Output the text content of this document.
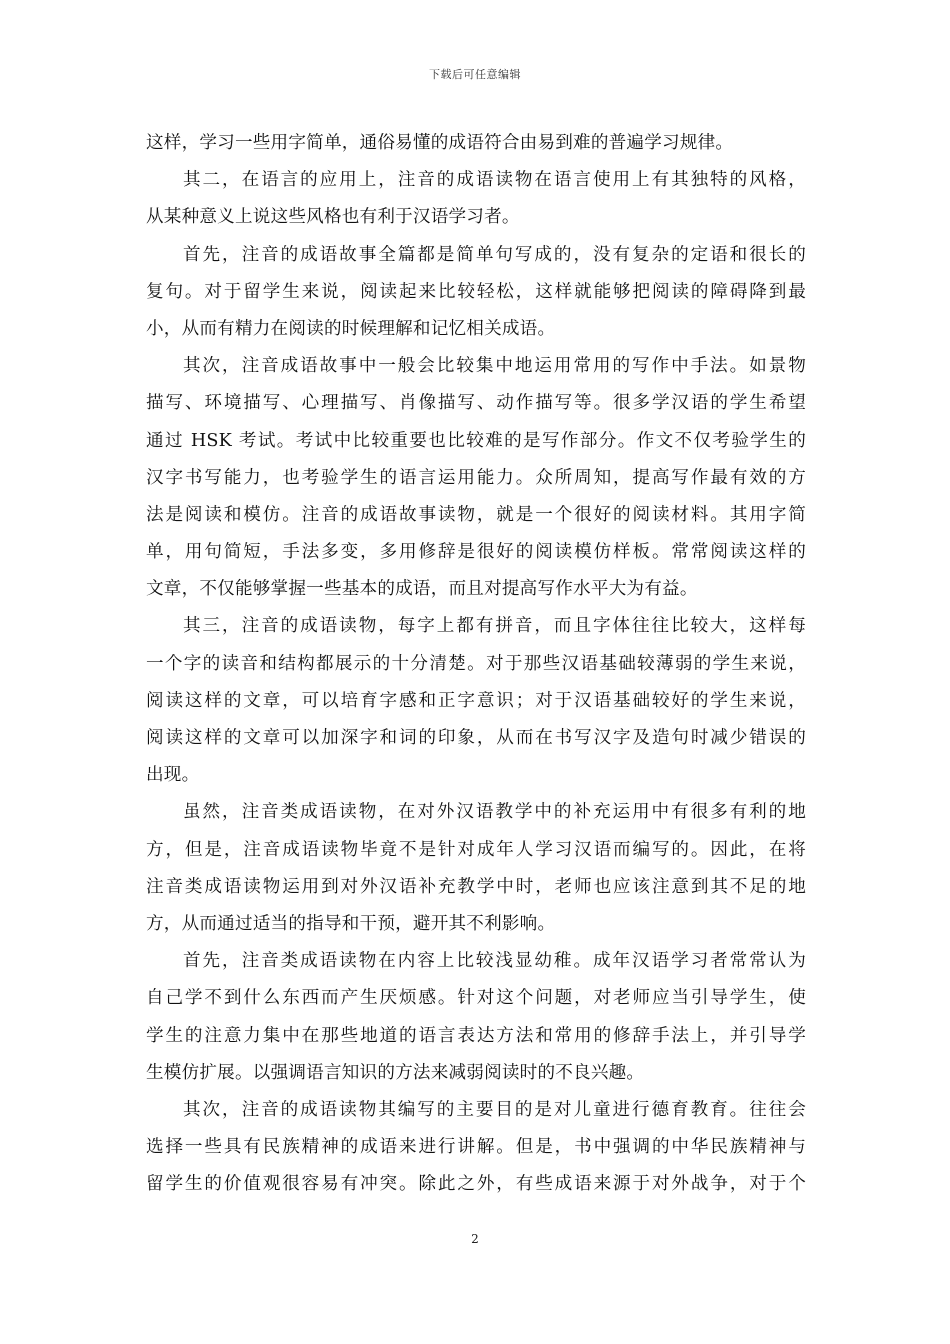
下载后可任意编辑
这样，学习一些用字简单，通俗易懂的成语符合由易到难的普遍学习规律。
其二，在语言的应用上，注音的成语读物在语言使用上有其独特的风格，
从某种意义上说这些风格也有利于汉语学习者。
首先，注音的成语故事全篇都是简单句写成的，没有复杂的定语和很长的
复句。对于留学生来说，阅读起来比较轻松，这样就能够把阅读的障碍降到最
小，从而有精力在阅读的时候理解和记忆相关成语。
其次，注音成语故事中一般会比较集中地运用常用的写作中手法。如景物
描写、环境描写、心理描写、肖像描写、动作描写等。很多学汉语的学生希望
通过 HSK 考试。考试中比较重要也比较难的是写作部分。作文不仅考验学生的
汉字书写能力，也考验学生的语言运用能力。众所周知，提高写作最有效的方
法是阅读和模仿。注音的成语故事读物，就是一个很好的阅读材料。其用字简
单，用句简短，手法多变，多用修辞是很好的阅读模仿样板。常常阅读这样的
文章，不仅能够掌握一些基本的成语，而且对提高写作水平大为有益。
其三，注音的成语读物，每字上都有拼音，而且字体往往比较大，这样每
一个字的读音和结构都展示的十分清楚。对于那些汉语基础较薄弱的学生来说，
阅读这样的文章，可以培育字感和正字意识；对于汉语基础较好的学生来说，
阅读这样的文章可以加深字和词的印象，从而在书写汉字及造句时减少错误的
出现。
虽然，注音类成语读物，在对外汉语教学中的补充运用中有很多有利的地
方，但是，注音成语读物毕竟不是针对成年人学习汉语而编写的。因此，在将
注音类成语读物运用到对外汉语补充教学中时，老师也应该注意到其不足的地
方，从而通过适当的指导和干预，避开其不利影响。
首先，注音类成语读物在内容上比较浅显幼稚。成年汉语学习者常常认为
自己学不到什么东西而产生厌烦感。针对这个问题，对老师应当引导学生，使
学生的注意力集中在那些地道的语言表达方法和常用的修辞手法上，并引导学
生模仿扩展。以强调语言知识的方法来减弱阅读时的不良兴趣。
其次，注音的成语读物其编写的主要目的是对儿童进行德育教育。往往会
选择一些具有民族精神的成语来进行讲解。但是，书中强调的中华民族精神与
留学生的价值观很容易有冲突。除此之外，有些成语来源于对外战争，对于个
2
